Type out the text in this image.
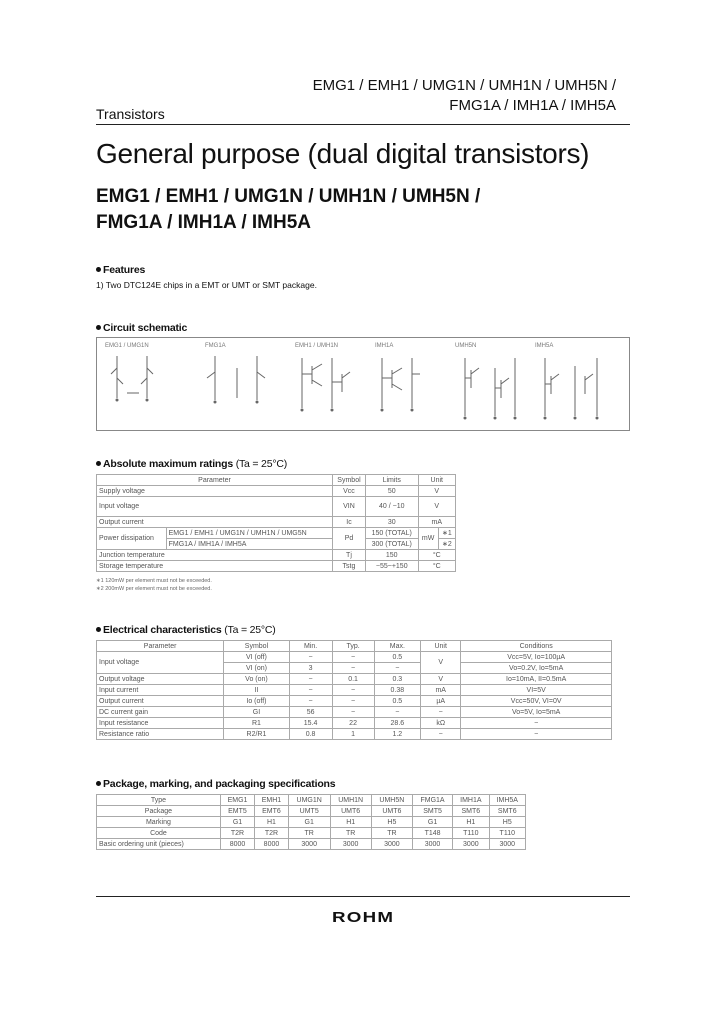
EMG1 / EMH1 / UMG1N / UMH1N / UMH5N /
FMG1A / IMH1A / IMH5A
Transistors
General purpose (dual digital transistors)
EMG1 / EMH1 / UMG1N / UMH1N / UMH5N /
FMG1A / IMH1A / IMH5A
Features
1) Two DTC124E chips in a EMT or UMT or SMT package.
Circuit schematic
EMG1 / UMG1N	FMG1A	EMH1 / UMH1N	IMH1A	UMH5N	IMH5A
Absolute maximum ratings (Ta = 25°C)
Parameter		Symbol	Limits	Unit	
Supply voltage		Vcc	50	V	
Input voltage		VIN	40 / −10	V	
Output current		Ic	30	mA	
Power dissipation	EMG1 / EMH1 / UMG1N / UMH1N / UMG5N	Pd	150 (TOTAL)	mW	∗1
	FMG1A / IMH1A / IMH5A		300 (TOTAL)		∗2
Junction temperature		Tj	150	°C	
Storage temperature		Tstg	−55~+150	°C	
∗1 120mW per element must not be exceeded.
∗2 200mW per element must not be exceeded.
Electrical characteristics (Ta = 25°C)
Parameter	Symbol	Min.	Typ.	Max.	Unit	Conditions
Input voltage	VI (off)	−	−	0.5	V	Vcc=5V, Io=100µA
	VI (on)	3	−	−		Vo=0.2V, Io=5mA
Output voltage	Vo (on)	−	0.1	0.3	V	Io=10mA, II=0.5mA
Input current	II	−	−	0.38	mA	VI=5V
Output current	Io (off)	−	−	0.5	µA	Vcc=50V, VI=0V
DC current gain	GI	56	−	−	−	Vo=5V, Io=5mA
Input resistance	R1	15.4	22	28.6	kΩ	−
Resistance ratio	R2/R1	0.8	1	1.2	−	−
Package, marking, and packaging specifications
Type	EMG1	EMH1	UMG1N	UMH1N	UMH5N	FMG1A	IMH1A	IMH5A
Package	EMT5	EMT6	UMT5	UMT6	UMT6	SMT5	SMT6	SMT6
Marking	G1	H1	G1	H1	H5	G1	H1	H5
Code	T2R	T2R	TR	TR	TR	T148	T110	T110
Basic ordering unit (pieces)	8000	8000	3000	3000	3000	3000	3000	3000
ROHM
